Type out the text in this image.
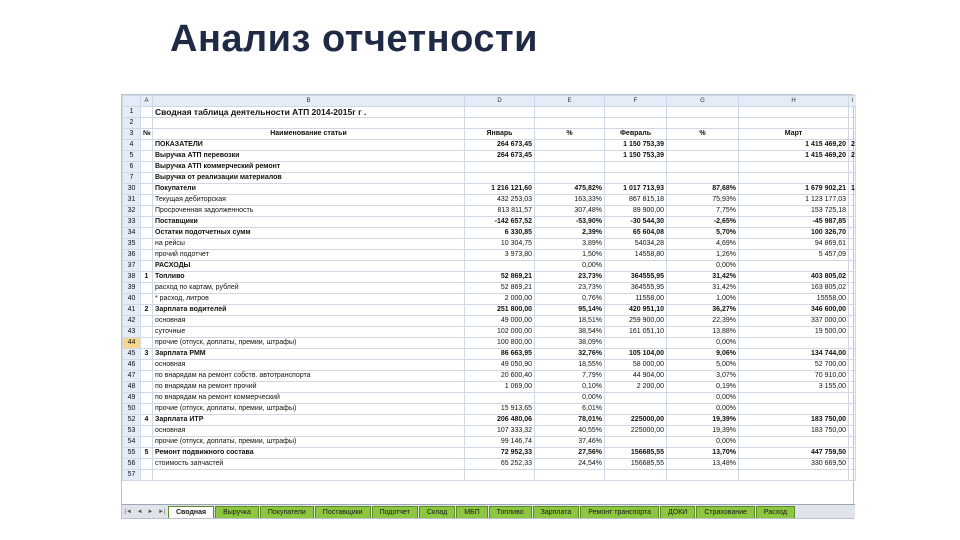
Анализ отчетности
	A	B	D	E	F	G	H	I
1		Сводная таблица деятельности АТП 2014-2015г г .						
2								
3	№	Наименование статьи	Январь	%	Февраль	%	Март	
4		ПОКАЗАТЕЛИ	264 673,45		1 150 753,39		1 415 469,20	2
5		Выручка АТП перевозки	264 673,45		1 150 753,39		1 415 469,20	2
6		Выручка АТП коммерческий ремонт						
7		Выручка от реализации материалов						
30		Покупатели	1 216 121,60	475,82%	1 017 713,93	87,68%	1 679 902,21	1
31		Текущая дебиторская	432 253,03	163,33%	867 815,18	75,93%	1 123 177,03	
32		Просроченная задолженность	813 811,57	307,48%	89 900,00	7,75%	153 725,18	
33		Поставщики	-142 657,52	-53,90%	-30 544,30	-2,65%	-45 987,85	
34		Остатки подотчетных сумм	6 330,85	2,39%	65 604,08	5,70%	100 326,70	
35		на рейсы	10 304,75	3,89%	54034,28	4,69%	94 869,61	
36		прочий подотчет	3 973,80	1,50%	14558,80	1,26%	5 457,09	
37		РАСХОДЫ		0,00%		0,00%		
38	1	Топливо	52 869,21	23,73%	364555,95	31,42%	403 805,02	
39		расход по картам, рублей	52 869,21	23,73%	364555,95	31,42%	163 805,02	
40		* расход, литров	2 000,00	0,76%	11558,00	1,00%	15558,00	
41	2	Зарплата водителей	251 800,00	95,14%	420 951,10	36,27%	346 600,00	
42		основная	49 000,00	18,51%	259 900,00	22,39%	337 000,00	
43		суточные	102 000,00	38,54%	161 051,10	13,88%	19 500,00	
44		прочие (отпуск, доплаты, премии, штрафы)	100 800,00	38,09%		0,00%		
45	3	Зарплата РММ	86 663,95	32,76%	105 104,00	9,06%	134 744,00	
46		основная	49 050,90	18,55%	58 000,00	5,00%	52 700,00	
47		по внарядам на ремонт собств. автотранспорта	20 600,40	7,79%	44 904,00	3,07%	70 910,00	
48		по внарядам на ремонт прочий	1 069,00	0,10%	2 200,00	0,19%	3 155,00	
49		по внарядам на ремонт коммерческий		0,00%		0,00%		
50		прочие (отпуск, доплаты, премии, штрафы)	15 913,65	6,01%		0,00%		
52	4	Зарплата ИТР	206 480,06	78,01%	225000,00	19,39%	183 750,00	
53		основная	107 333,32	40,55%	225000,00	19,39%	183 750,00	
54		прочие (отпуск, доплаты, премии, штрафы)	99 146,74	37,46%		0,00%		
55	5	Ремонт подвижного состава	72 952,33	27,56%	156685,55	13,70%	447 759,50	
56		стоимость запчастей	65 252,33	24,54%	156685,55	13,48%	330 669,50	
57								
|◄ ◄ ► ►|	Сводная	Выручка	Покупатели	Поставщики	Подотчет	Склад	МБП	Топливо	Зарплата	Ремонт транспорта	ДОКИ	Страхование	Расход
